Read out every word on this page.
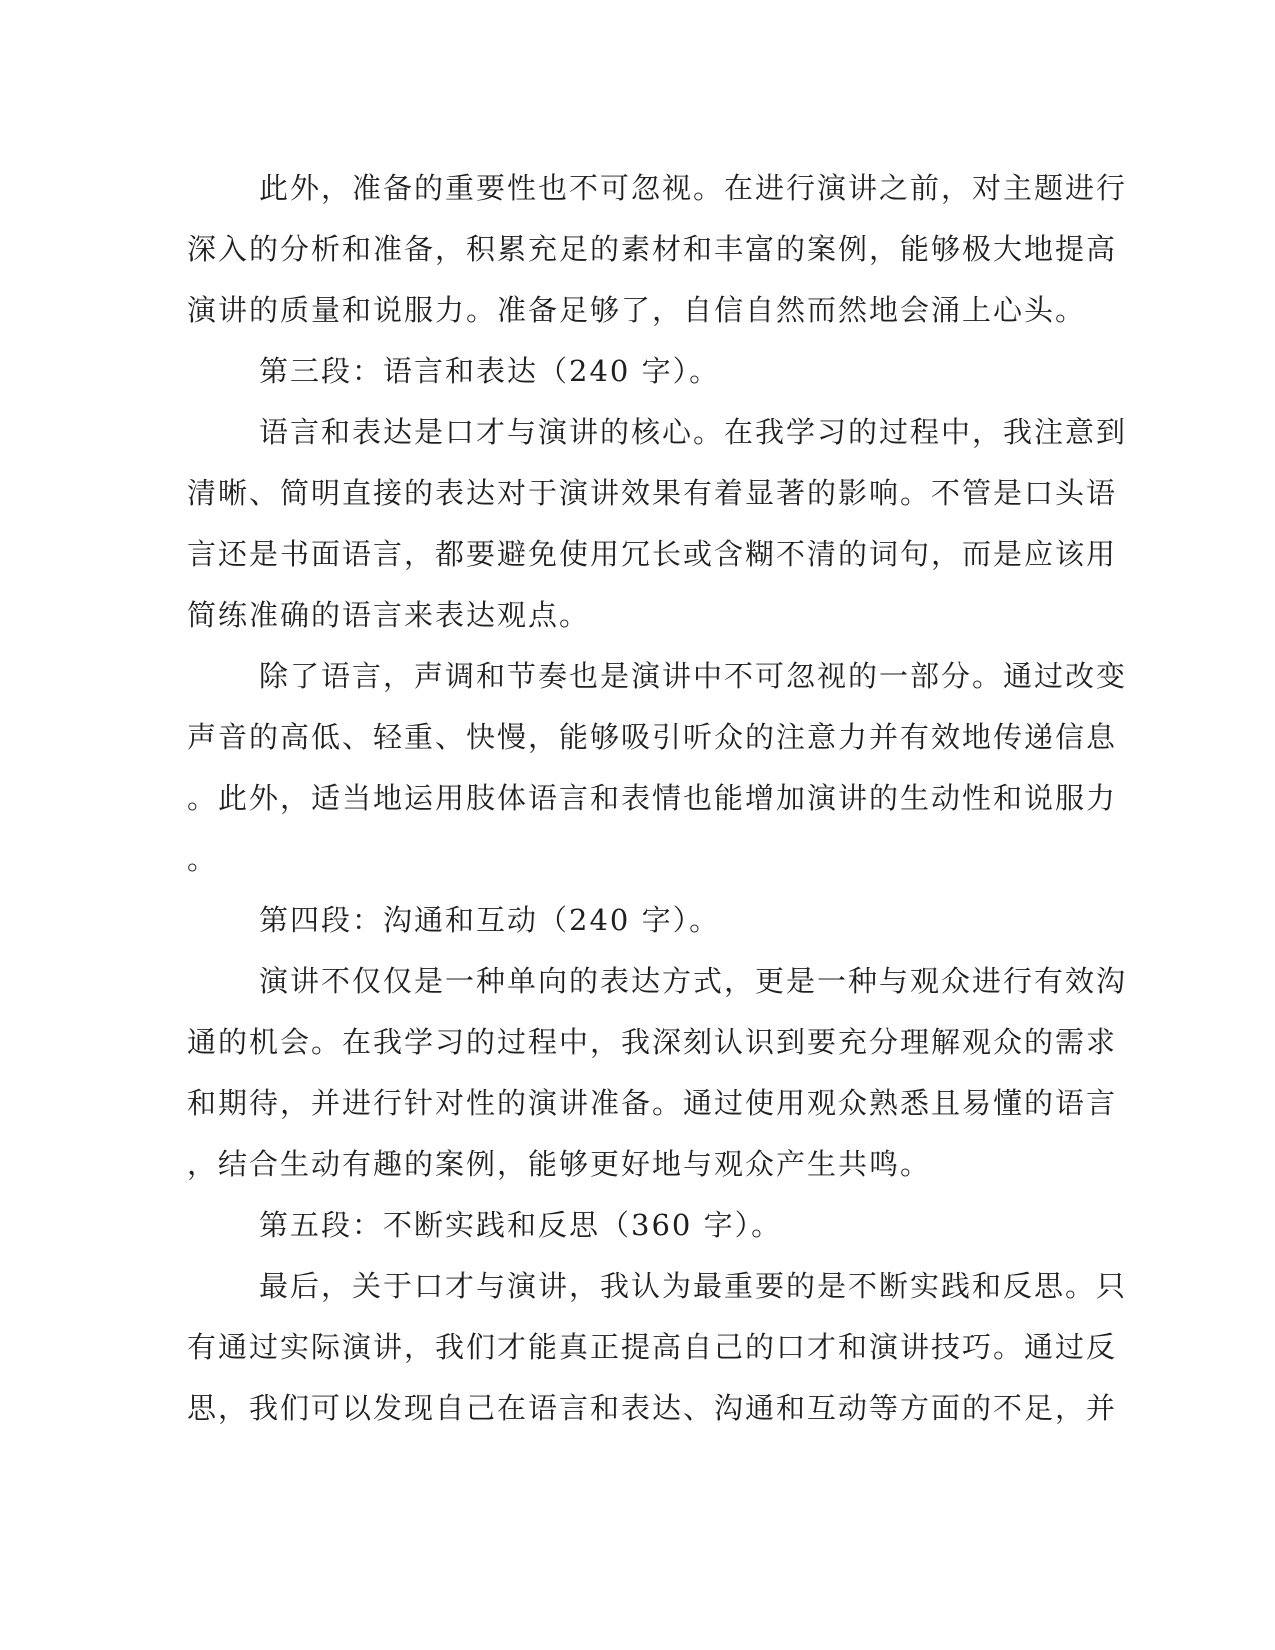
此外，准备的重要性也不可忽视。在进行演讲之前，对主题进行
深入的分析和准备，积累充足的素材和丰富的案例，能够极大地提高
演讲的质量和说服力。准备足够了，自信自然而然地会涌上心头。
第三段：语言和表达（240 字）。
语言和表达是口才与演讲的核心。在我学习的过程中，我注意到
清晰、简明直接的表达对于演讲效果有着显著的影响。不管是口头语
言还是书面语言，都要避免使用冗长或含糊不清的词句，而是应该用
简练准确的语言来表达观点。
除了语言，声调和节奏也是演讲中不可忽视的一部分。通过改变
声音的高低、轻重、快慢，能够吸引听众的注意力并有效地传递信息
。此外，适当地运用肢体语言和表情也能增加演讲的生动性和说服力
。
第四段：沟通和互动（240 字）。
演讲不仅仅是一种单向的表达方式，更是一种与观众进行有效沟
通的机会。在我学习的过程中，我深刻认识到要充分理解观众的需求
和期待，并进行针对性的演讲准备。通过使用观众熟悉且易懂的语言
，结合生动有趣的案例，能够更好地与观众产生共鸣。
第五段：不断实践和反思（360 字）。
最后，关于口才与演讲，我认为最重要的是不断实践和反思。只
有通过实际演讲，我们才能真正提高自己的口才和演讲技巧。通过反
思，我们可以发现自己在语言和表达、沟通和互动等方面的不足，并
